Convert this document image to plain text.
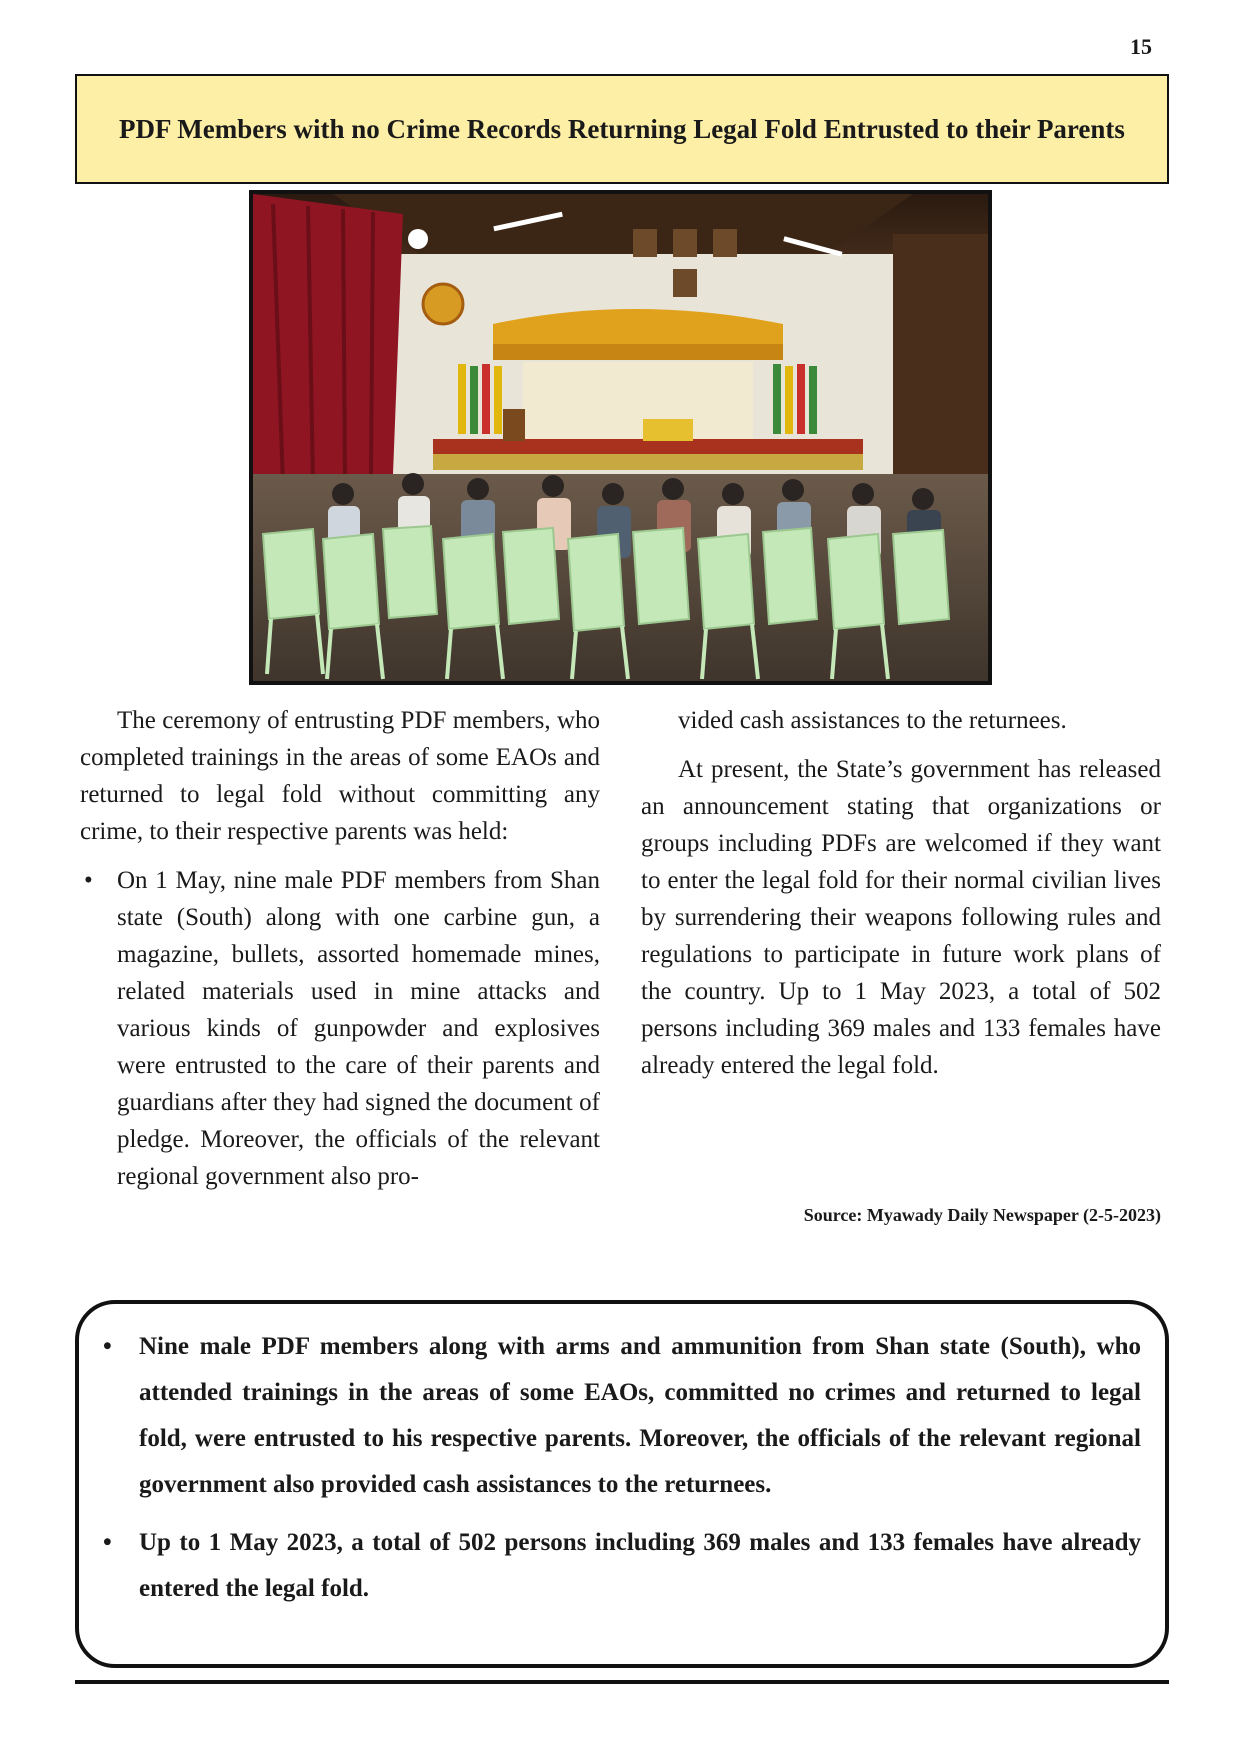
15
PDF Members with no Crime Records Returning Legal Fold Entrusted to their Parents

The ceremony of entrusting PDF members, who completed trainings in the areas of some EAOs and returned to legal fold without committing any crime, to their respective parents was held:

• On 1 May, nine male PDF members from Shan state (South) along with one carbine gun, a magazine, bullets, assorted homemade mines, related materials used in mine attacks and various kinds of gunpowder and explosives were entrusted to the care of their parents and guardians after they had signed the document of pledge. Moreover, the officials of the relevant regional government also pro-

vided cash assistances to the returnees.

At present, the State’s government has released an announcement stating that organizations or groups including PDFs are welcomed if they want to enter the legal fold for their normal civilian lives by surrendering their weapons following rules and regulations to participate in future work plans of the country. Up to 1 May 2023, a total of 502 persons including 369 males and 133 females have already entered the legal fold.

Source: Myawady Daily Newspaper (2-5-2023)

• Nine male PDF members along with arms and ammunition from Shan state (South), who attended trainings in the areas of some EAOs, committed no crimes and returned to legal fold, were entrusted to his respective parents. Moreover, the officials of the relevant regional government also provided cash assistances to the returnees.

• Up to 1 May 2023, a total of 502 persons including 369 males and 133 females have already entered the legal fold.
